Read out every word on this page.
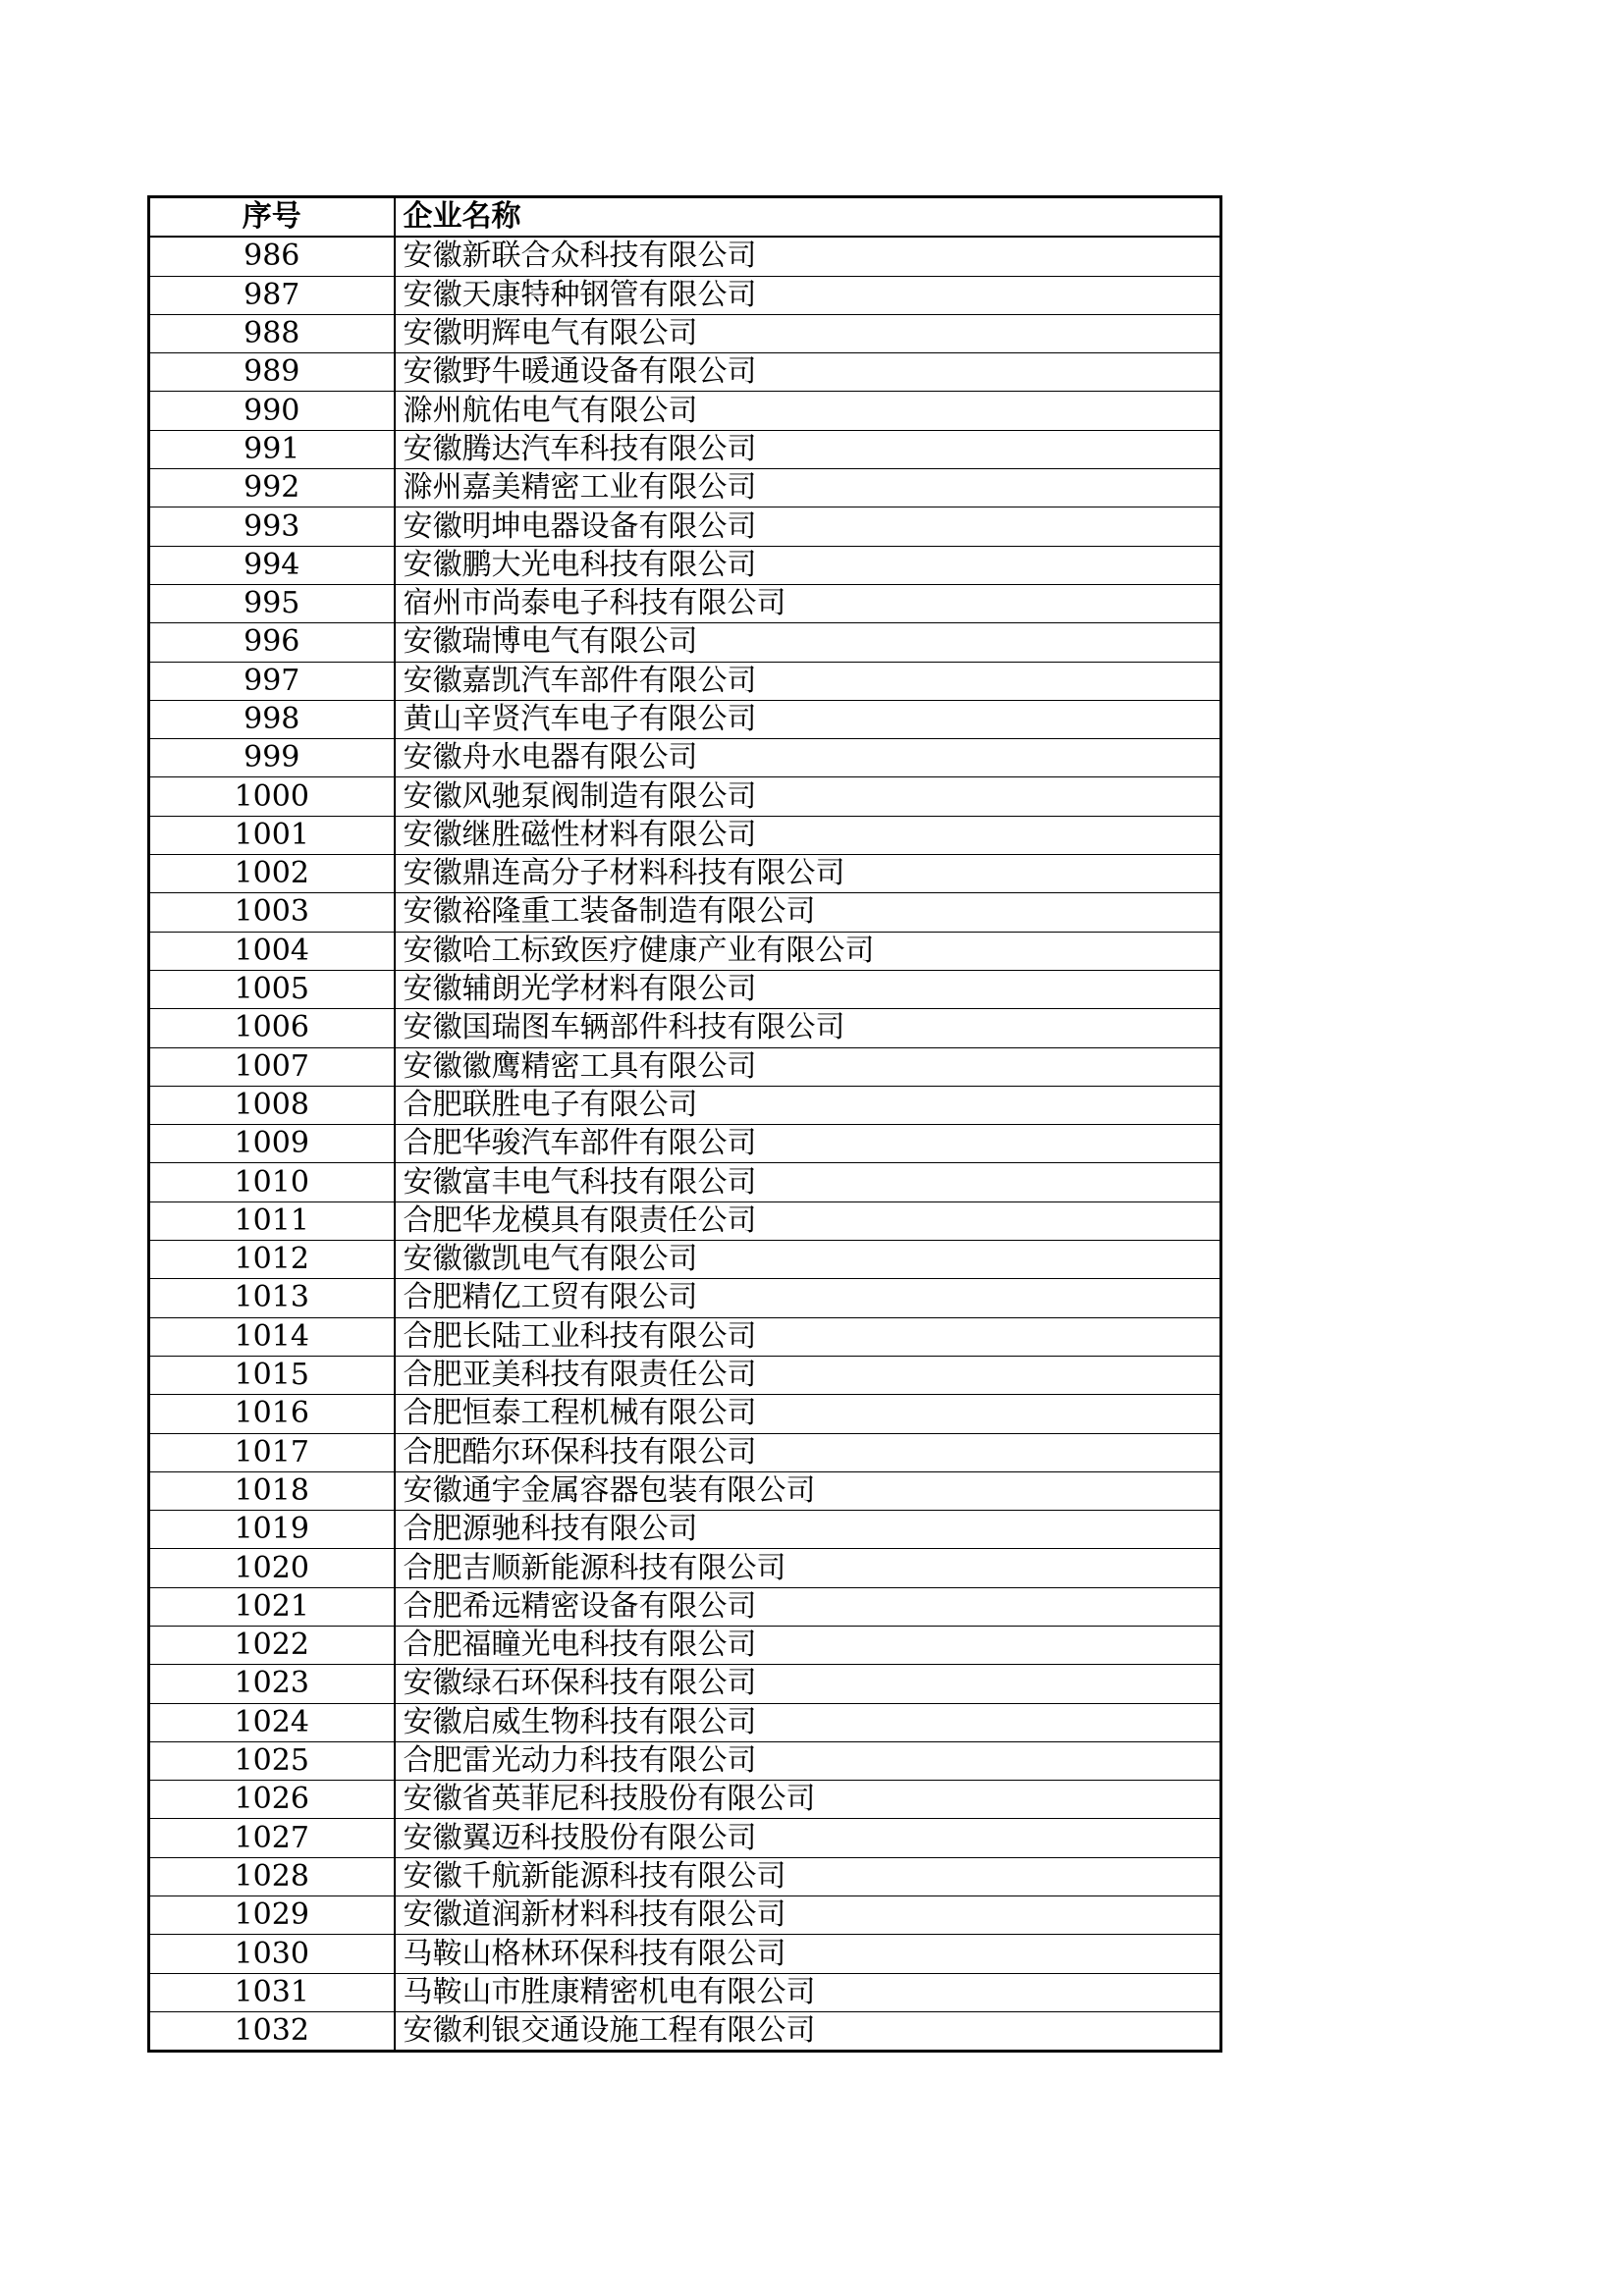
序号	企业名称
986	安徽新联合众科技有限公司
987	安徽天康特种钢管有限公司
988	安徽明辉电气有限公司
989	安徽野牛暖通设备有限公司
990	滁州航佑电气有限公司
991	安徽腾达汽车科技有限公司
992	滁州嘉美精密工业有限公司
993	安徽明坤电器设备有限公司
994	安徽鹏大光电科技有限公司
995	宿州市尚泰电子科技有限公司
996	安徽瑞博电气有限公司
997	安徽嘉凯汽车部件有限公司
998	黄山辛贤汽车电子有限公司
999	安徽舟水电器有限公司
1000	安徽风驰泵阀制造有限公司
1001	安徽继胜磁性材料有限公司
1002	安徽鼎连高分子材料科技有限公司
1003	安徽裕隆重工装备制造有限公司
1004	安徽哈工标致医疗健康产业有限公司
1005	安徽辅朗光学材料有限公司
1006	安徽国瑞图车辆部件科技有限公司
1007	安徽徽鹰精密工具有限公司
1008	合肥联胜电子有限公司
1009	合肥华骏汽车部件有限公司
1010	安徽富丰电气科技有限公司
1011	合肥华龙模具有限责任公司
1012	安徽徽凯电气有限公司
1013	合肥精亿工贸有限公司
1014	合肥长陆工业科技有限公司
1015	合肥亚美科技有限责任公司
1016	合肥恒泰工程机械有限公司
1017	合肥酷尔环保科技有限公司
1018	安徽通宇金属容器包装有限公司
1019	合肥源驰科技有限公司
1020	合肥吉顺新能源科技有限公司
1021	合肥希远精密设备有限公司
1022	合肥福瞳光电科技有限公司
1023	安徽绿石环保科技有限公司
1024	安徽启威生物科技有限公司
1025	合肥雷光动力科技有限公司
1026	安徽省英菲尼科技股份有限公司
1027	安徽翼迈科技股份有限公司
1028	安徽千航新能源科技有限公司
1029	安徽道润新材料科技有限公司
1030	马鞍山格林环保科技有限公司
1031	马鞍山市胜康精密机电有限公司
1032	安徽利银交通设施工程有限公司
